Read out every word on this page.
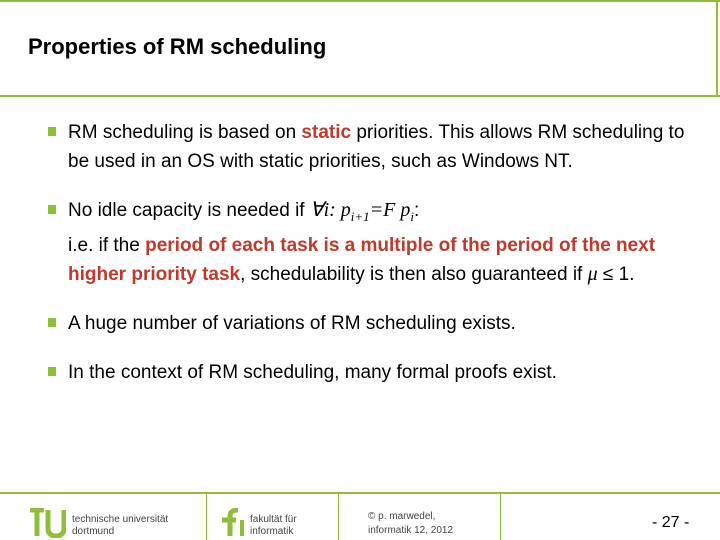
Properties of RM scheduling

RM scheduling is based on static priorities. This allows RM scheduling to be used in an OS with static priorities, such as Windows NT.

No idle capacity is needed if ∀i: $p_{i+1}=F$ $p_i$:
i.e. if the period of each task is a multiple of the period of the next higher priority task, schedulability is then also guaranteed if μ ≤ 1.

A huge number of variations of RM scheduling exists.

In the context of RM scheduling, many formal proofs exist.

technische universität dortmund
fakultät für informatik
© p. marwedel,
informatik 12, 2012	- 27 -
